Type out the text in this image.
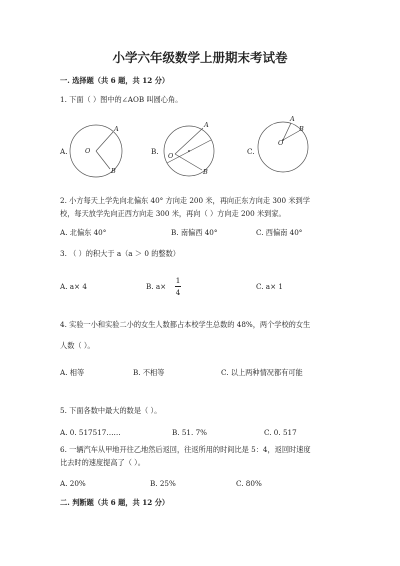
小学六年级数学上册期末考试卷
一. 选择题（共 6 题，共 12 分）
1. 下面（ ）图中的∠AOB 叫圆心角。
A.	B.	C.
A
O
B
A
O
B
A
O
B
2. 小方每天上学先向北偏东 40° 方向走 200 米，再向正东方向走 300 米到学
校，每天放学先向正西方向走 300 米，再向（ ）方向走 200 米到家。
A. 北偏东 40°	B. 南偏西 40°	C. 西偏南 40°
3. （ ）的积大于 a（a ＞ 0 的整数）
A. a× 4	B. a×
1
4
C. a× 1
4. 实验一小和实验二小的女生人数都占本校学生总数的 48%，两个学校的女生
人数（ ）。
A. 相等	B. 不相等	C. 以上两种情况都有可能
5. 下面各数中最大的数是（ ）。
A. 0. 517517……	B. 51. 7%	C. 0. 517
6. 一辆汽车从甲地开往乙地然后返回，往返所用的时间比是 5：4，返回时速度
比去时的速度提高了（ ）。
A. 20%	B. 25%	C. 80%
二. 判断题（共 6 题，共 12 分）
